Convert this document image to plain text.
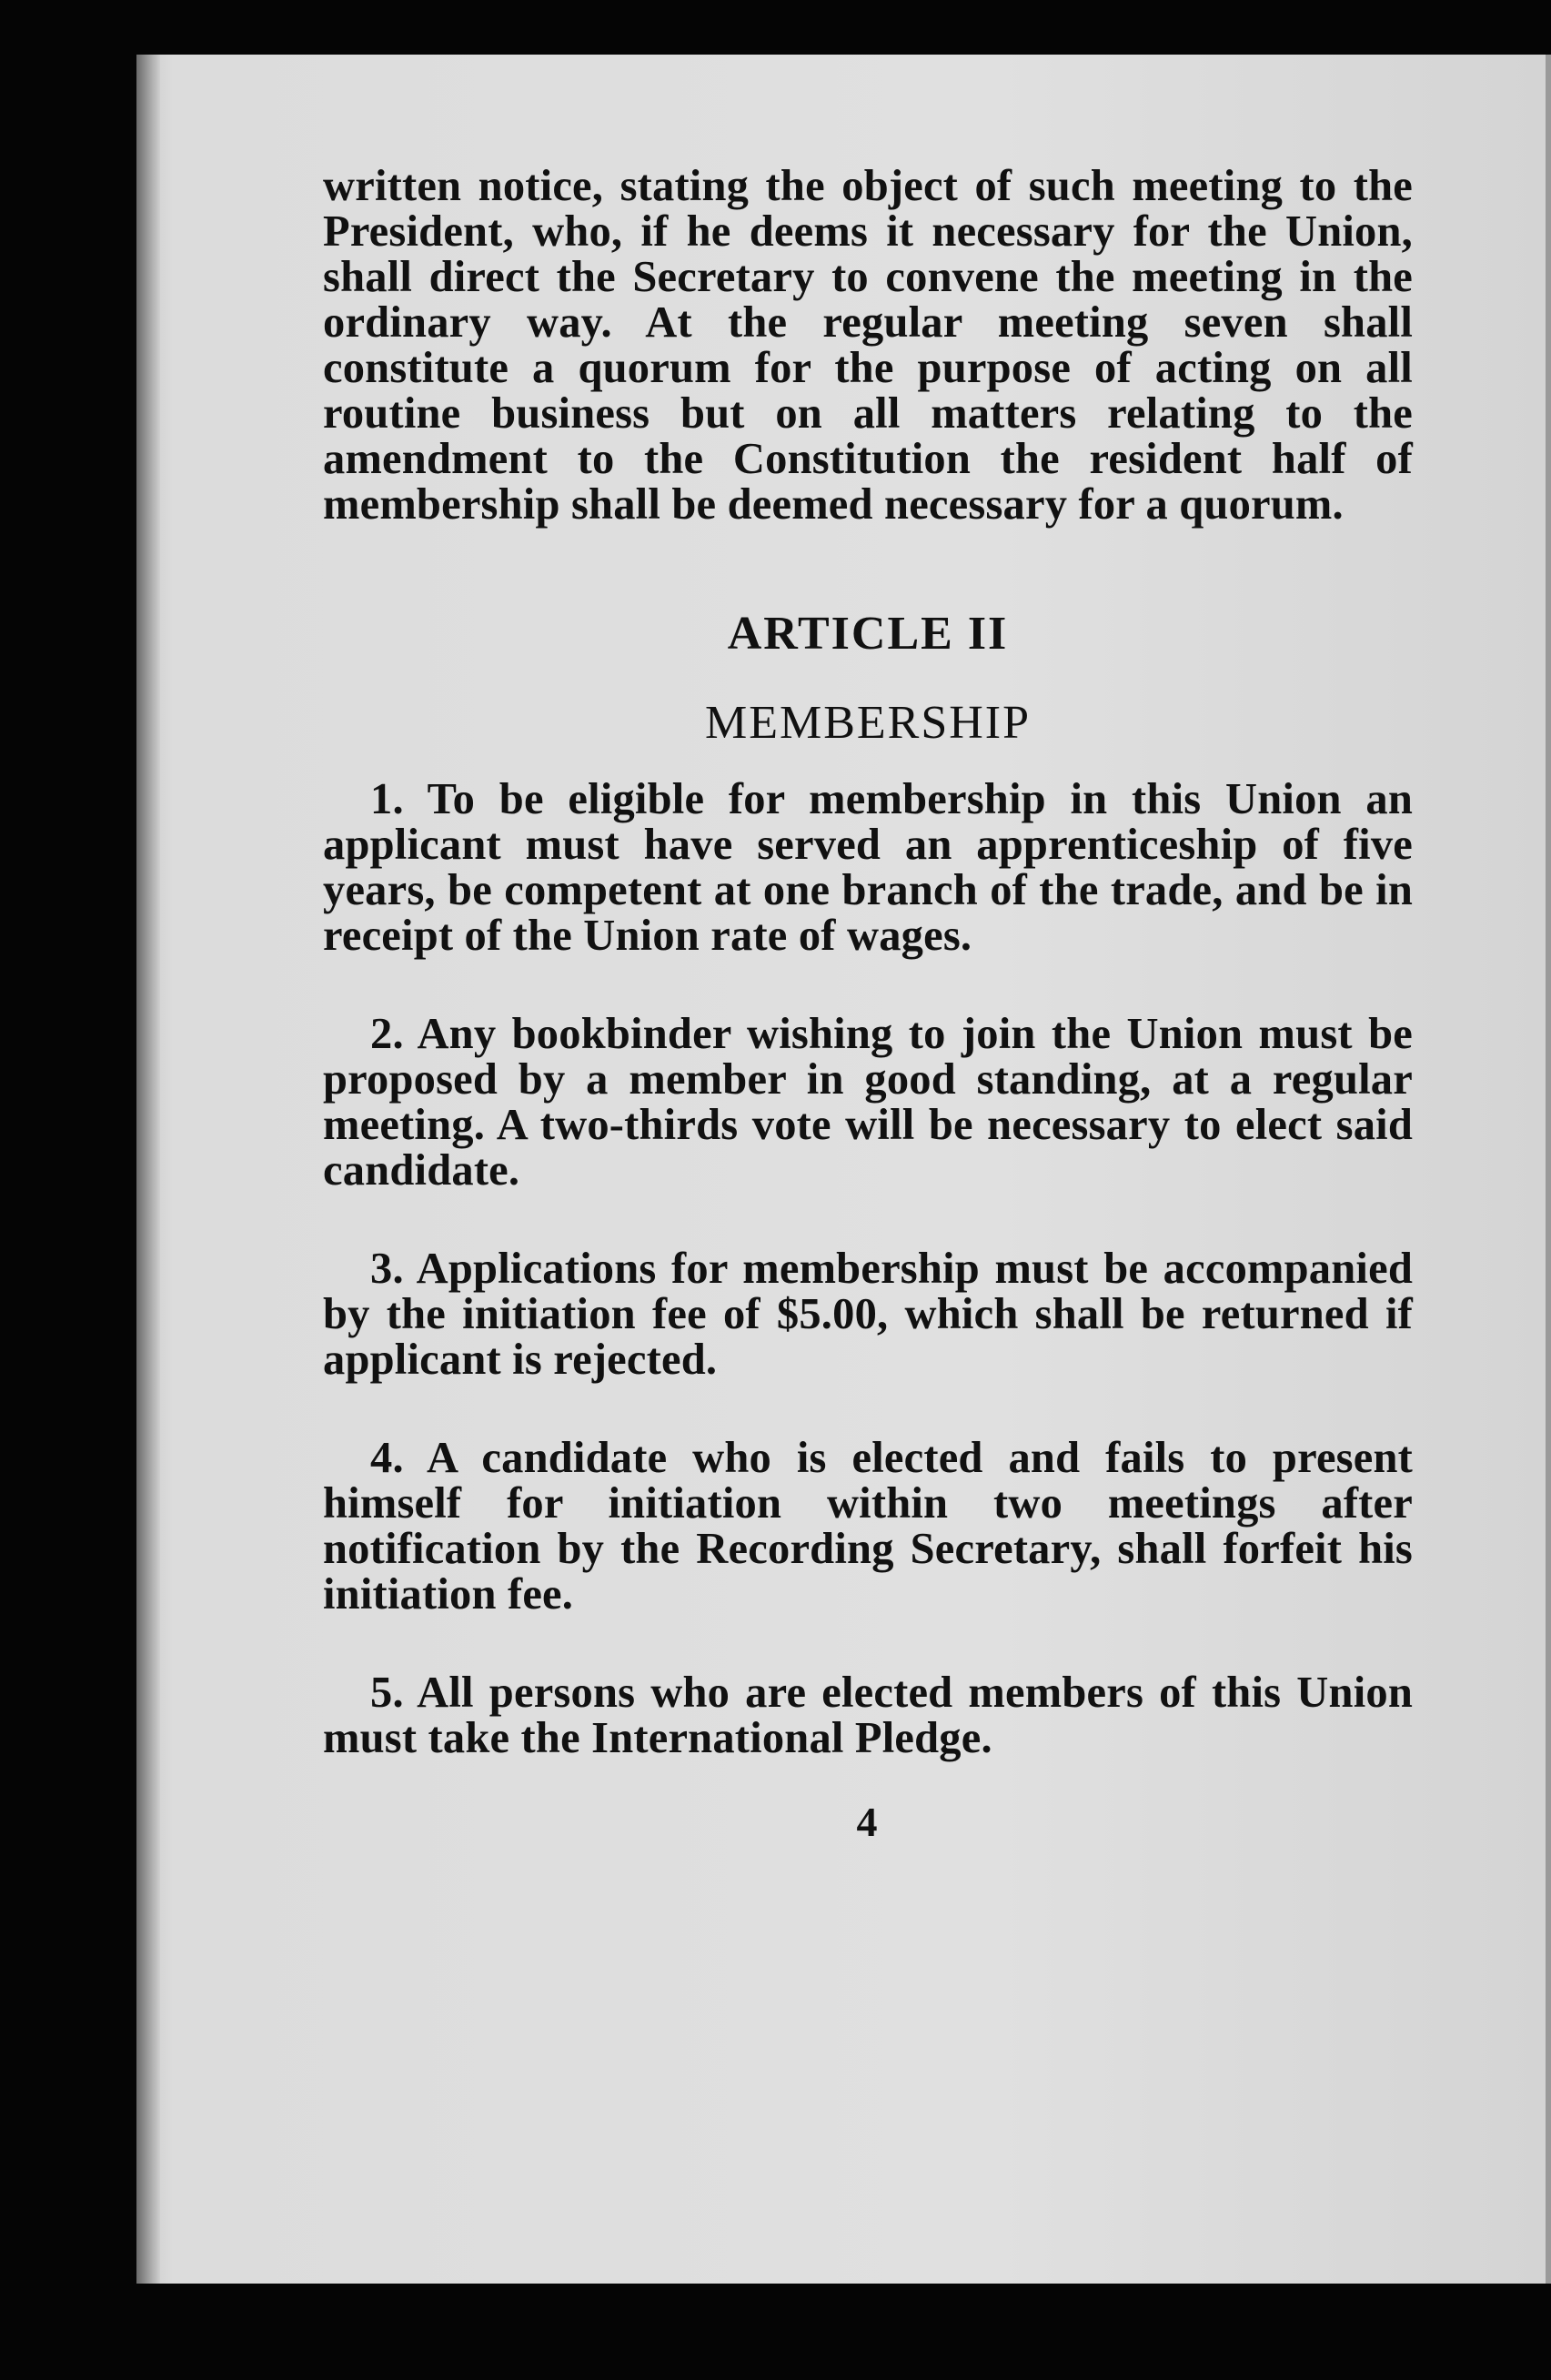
written notice, stating the object of such meeting to the President, who, if he deems it necessary for the Union, shall direct the Secretary to convene the meeting in the ordinary way. At the regular meeting seven shall constitute a quorum for the purpose of acting on all routine business but on all matters relating to the amendment to the Constitution the resident half of membership shall be deemed necessary for a quorum.

ARTICLE II

MEMBERSHIP

1. To be eligible for membership in this Union an applicant must have served an apprenticeship of five years, be competent at one branch of the trade, and be in receipt of the Union rate of wages.

2. Any bookbinder wishing to join the Union must be proposed by a member in good standing, at a regular meeting. A two-thirds vote will be necessary to elect said candidate.

3. Applications for membership must be accompanied by the initiation fee of $5.00, which shall be returned if applicant is rejected.

4. A candidate who is elected and fails to present himself for initiation within two meetings after notification by the Recording Secretary, shall forfeit his initiation fee.

5. All persons who are elected members of this Union must take the International Pledge.

4
